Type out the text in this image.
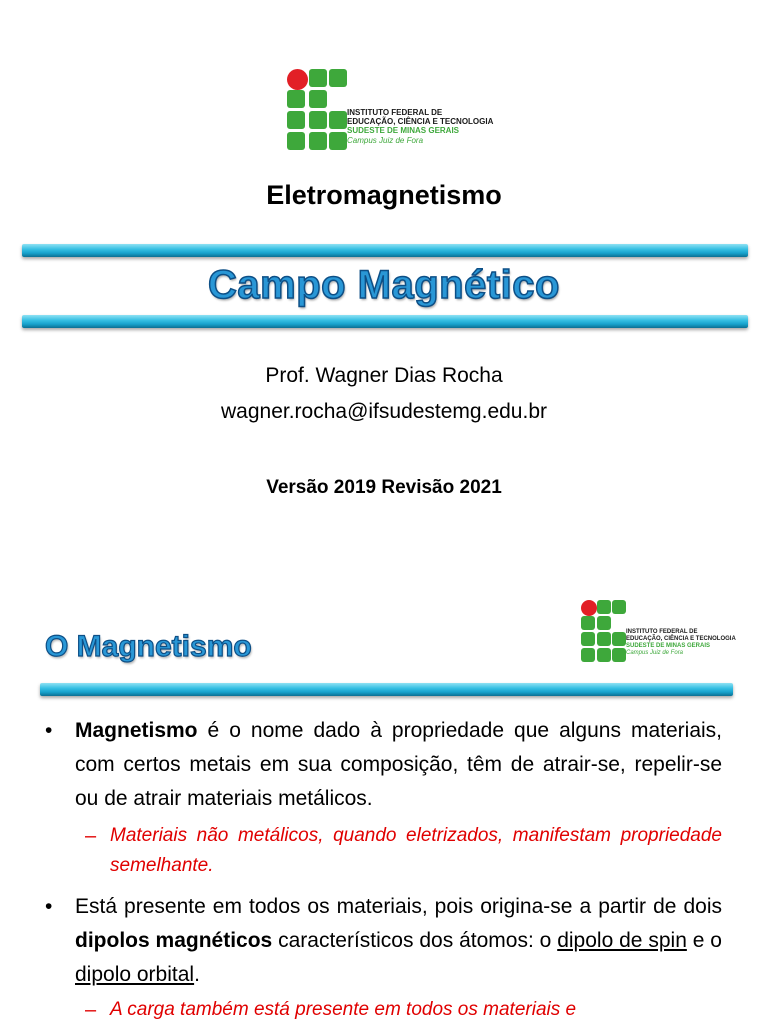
INSTITUTO FEDERAL DE
EDUCAÇÃO, CIÊNCIA E TECNOLOGIA
SUDESTE DE MINAS GERAIS
Campus Juiz de Fora
Eletromagnetismo
Campo Magnético
Prof. Wagner Dias Rocha
wagner.rocha@ifsudestemg.edu.br
Versão 2019 Revisão 2021
INSTITUTO FEDERAL DE
EDUCAÇÃO, CIÊNCIA E TECNOLOGIA
SUDESTE DE MINAS GERAIS
Campus Juiz de Fora
O Magnetismo
• Magnetismo é o nome dado à propriedade que alguns materiais, com certos metais em sua composição, têm de atrair-se, repelir-se ou de atrair materiais metálicos.
– Materiais não metálicos, quando eletrizados, manifestam propriedade semelhante.
• Está presente em todos os materiais, pois origina-se a partir de dois dipolos magnéticos característicos dos átomos: o dipolo de spin e o dipolo orbital.
– A carga também está presente em todos os materiais e
